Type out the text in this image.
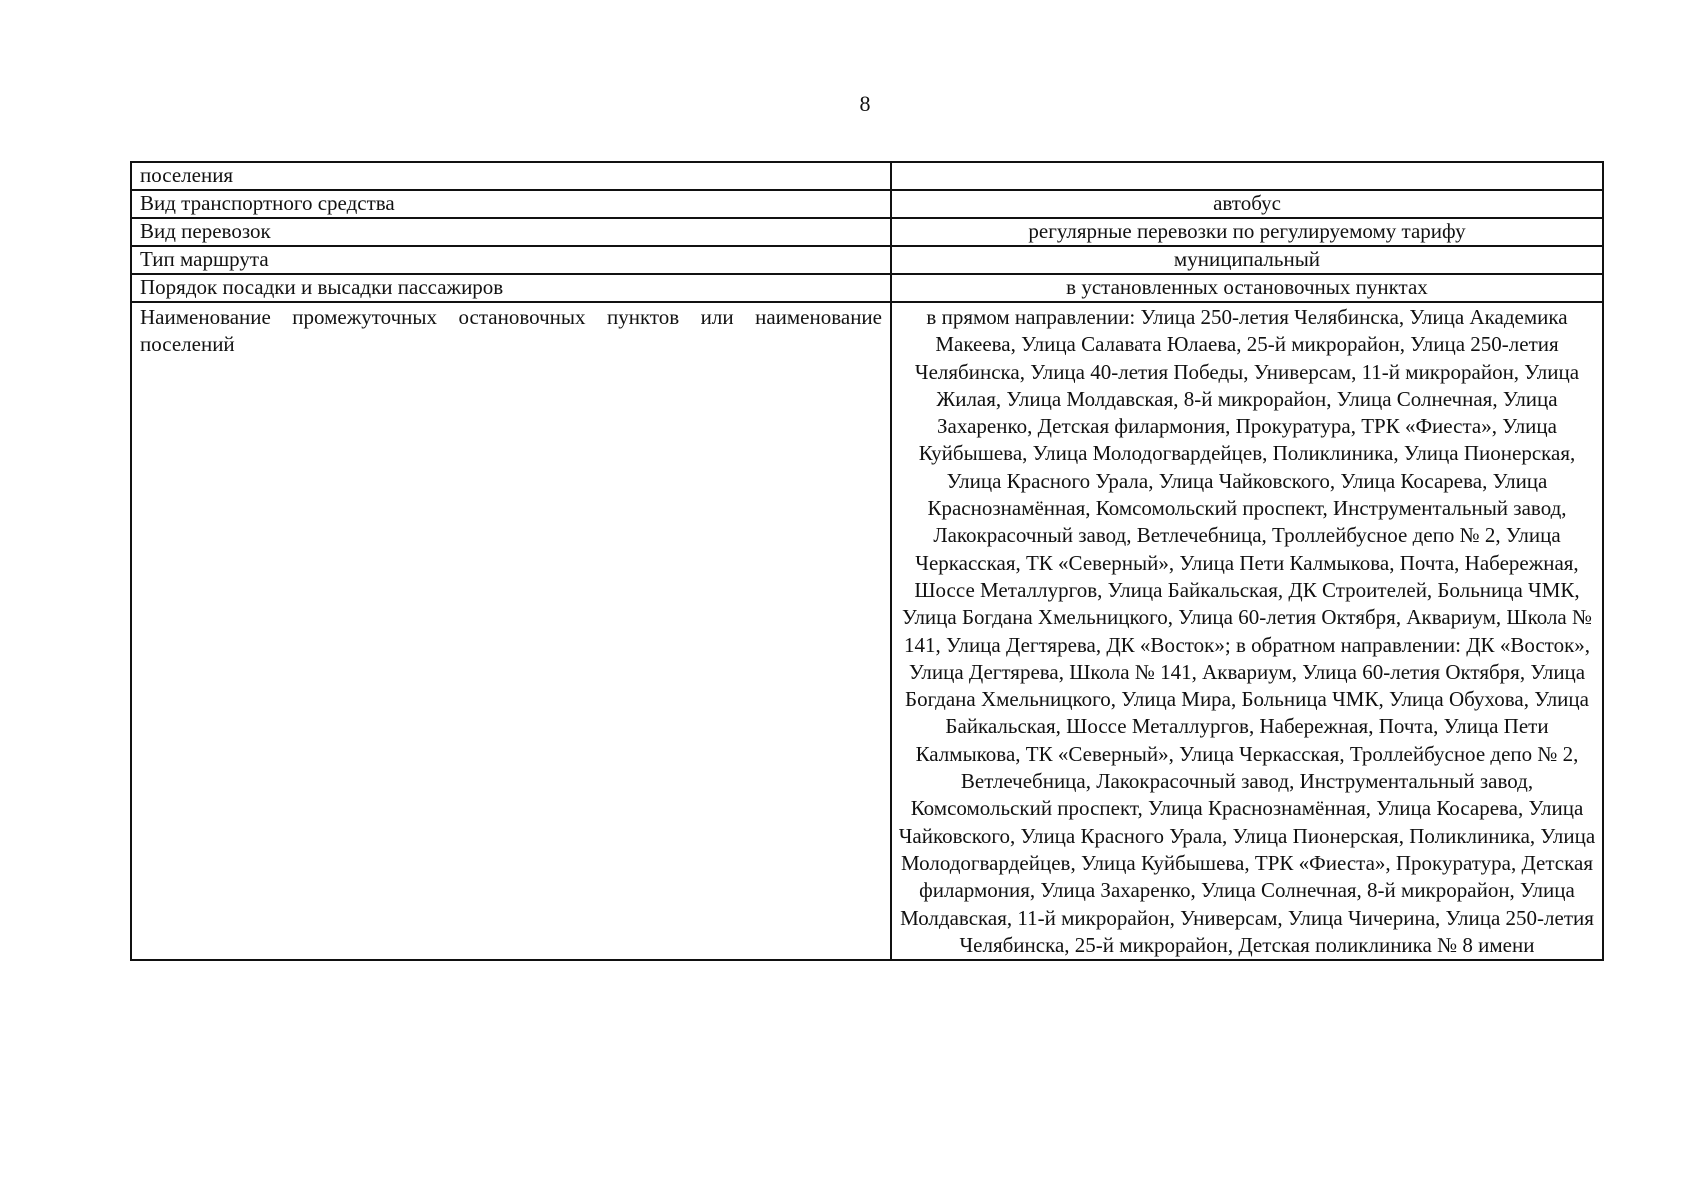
8
поселения	
Вид транспортного средства	автобус
Вид перевозок	регулярные перевозки по регулируемому тарифу
Тип маршрута	муниципальный
Порядок посадки и высадки пассажиров	в установленных остановочных пунктах
Наименование промежуточных остановочных пунктов или наименование поселений	в прямом направлении: Улица 250-летия Челябинска, Улица Академика Макеева, Улица Салавата Юлаева, 25-й микрорайон, Улица 250-летия Челябинска, Улица 40-летия Победы, Универсам, 11-й микрорайон, Улица Жилая, Улица Молдавская, 8-й микрорайон, Улица Солнечная, Улица Захаренко, Детская филармония, Прокуратура, ТРК «Фиеста», Улица Куйбышева, Улица Молодогвардейцев, Поликлиника, Улица Пионерская, Улица Красного Урала, Улица Чайковского, Улица Косарева, Улица Краснознамённая, Комсомольский проспект, Инструментальный завод, Лакокрасочный завод, Ветлечебница, Троллейбусное депо № 2, Улица Черкасская, ТК «Северный», Улица Пети Калмыкова, Почта, Набережная, Шоссе Металлургов, Улица Байкальская, ДК Строителей, Больница ЧМК, Улица Богдана Хмельницкого, Улица 60-летия Октября, Аквариум, Школа № 141, Улица Дегтярева, ДК «Восток»; в обратном направлении: ДК «Восток», Улица Дегтярева, Школа № 141, Аквариум, Улица 60-летия Октября, Улица Богдана Хмельницкого, Улица Мира, Больница ЧМК, Улица Обухова, Улица Байкальская, Шоссе Металлургов, Набережная, Почта, Улица Пети Калмыкова, ТК «Северный», Улица Черкасская, Троллейбусное депо № 2, Ветлечебница, Лакокрасочный завод, Инструментальный завод, Комсомольский проспект, Улица Краснознамённая, Улица Косарева, Улица Чайковского, Улица Красного Урала, Улица Пионерская, Поликлиника, Улица Молодогвардейцев, Улица Куйбышева, ТРК «Фиеста», Прокуратура, Детская филармония, Улица Захаренко, Улица Солнечная, 8-й микрорайон, Улица Молдавская, 11-й микрорайон, Универсам, Улица Чичерина, Улица 250-летия Челябинска, 25-й микрорайон, Детская поликлиника № 8 имени
